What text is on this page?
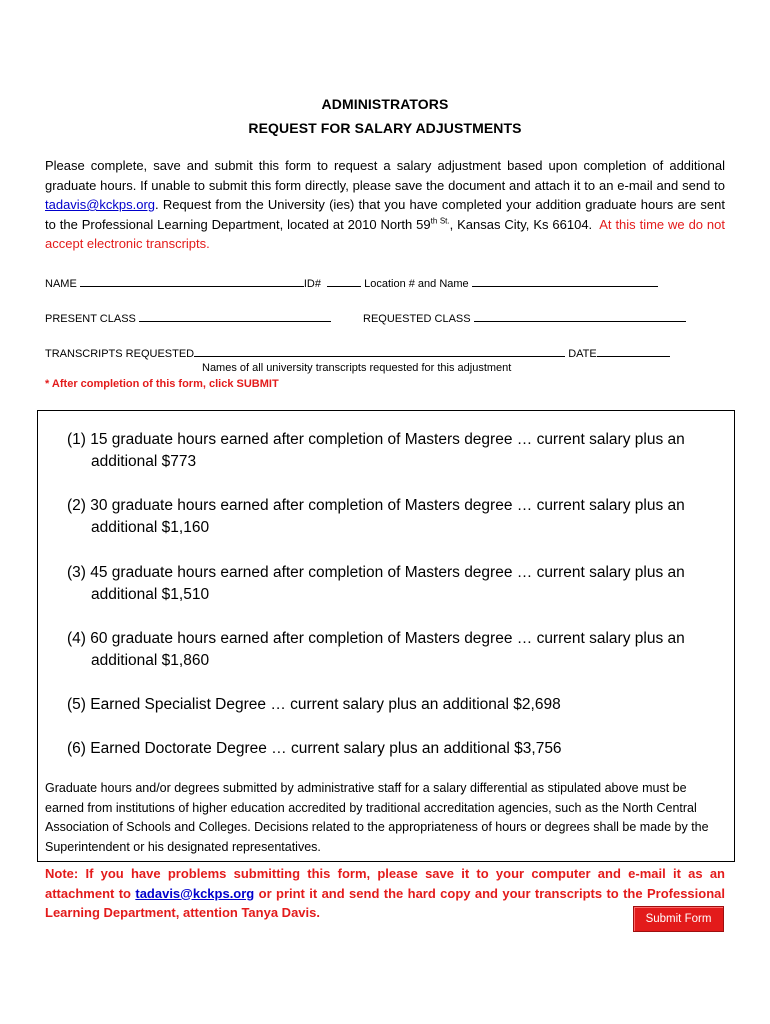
ADMINISTRATORS
REQUEST FOR SALARY ADJUSTMENTS
Please complete, save and submit this form to request a salary adjustment based upon completion of additional graduate hours. If unable to submit this form directly, please save the document and attach it to an e-mail and send to tadavis@kckps.org. Request from the University (ies) that you have completed your addition graduate hours are sent to the Professional Learning Department, located at 2010 North $59^{th St.}$, Kansas City, Ks 66104. At this time we do not accept electronic transcripts.
NAME	ID#	Location # and Name
PRESENT CLASS	REQUESTED CLASS
TRANSCRIPTS REQUESTED	DATE
Names of all university transcripts requested for this adjustment
* After completion of this form, click SUBMIT
(1) 15 graduate hours earned after completion of Masters degree … current salary plus an additional $773
(2) 30 graduate hours earned after completion of Masters degree … current salary plus an additional $1,160
(3) 45 graduate hours earned after completion of Masters degree … current salary plus an additional $1,510
(4) 60 graduate hours earned after completion of Masters degree … current salary plus an additional $1,860
(5) Earned Specialist Degree … current salary plus an additional $2,698
(6) Earned Doctorate Degree … current salary plus an additional $3,756
Graduate hours and/or degrees submitted by administrative staff for a salary differential as stipulated above must be earned from institutions of higher education accredited by traditional accreditation agencies, such as the North Central Association of Schools and Colleges. Decisions related to the appropriateness of hours or degrees shall be made by the Superintendent or his designated representatives.
Note: If you have problems submitting this form, please save it to your computer and e-mail it as an attachment to tadavis@kckps.org or print it and send the hard copy and your transcripts to the Professional Learning Department, attention Tanya Davis.	Submit Form
